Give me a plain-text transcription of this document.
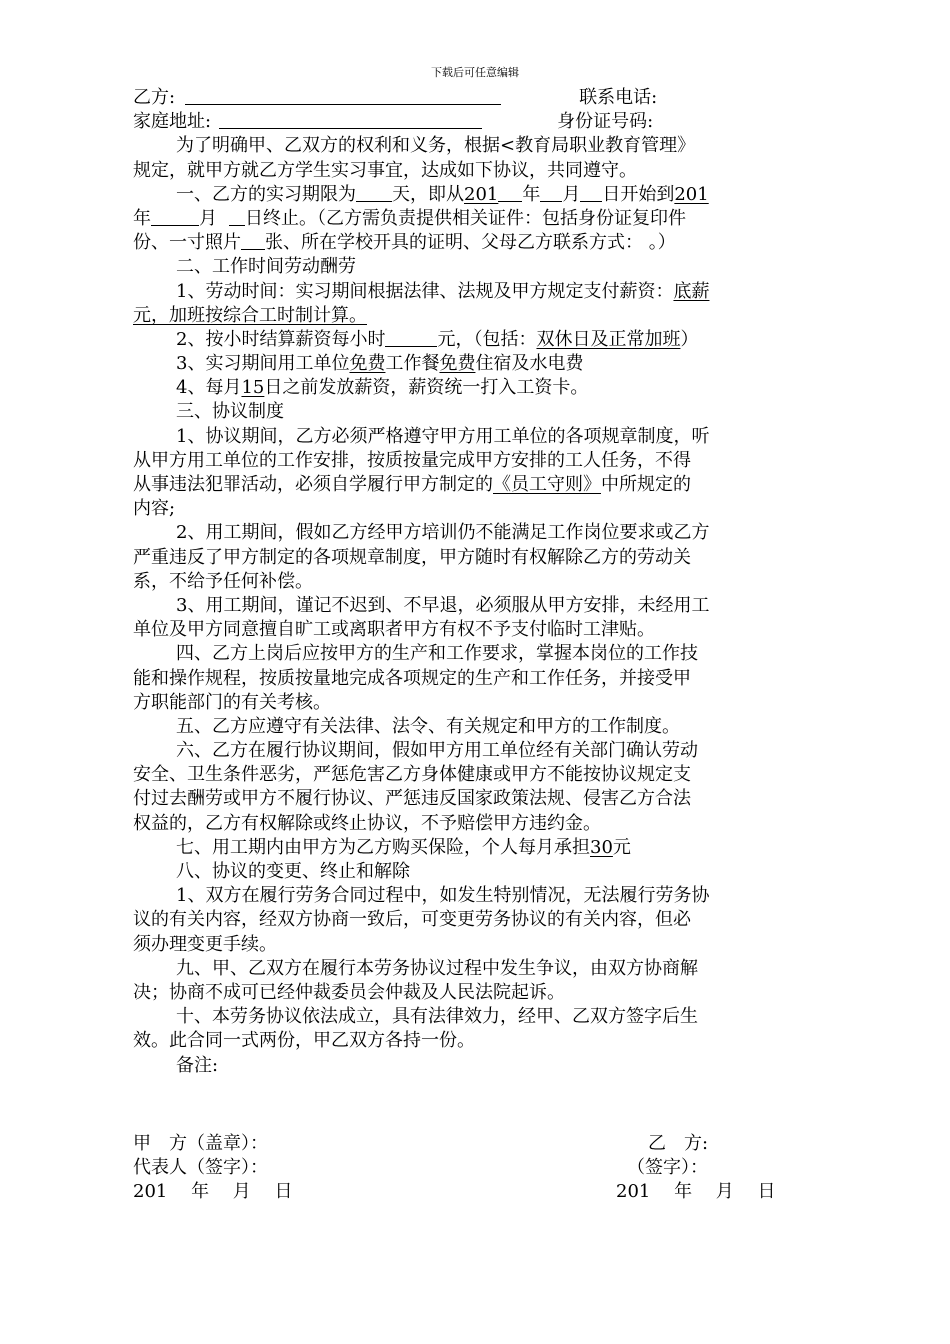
下载后可任意编辑
乙方:	联系电话:
家庭地址:	身份证号码:
为了明确甲、乙双方的权利和义务，根据<教育局职业教育管理》
规定，就甲方就乙方学生实习事宜，达成如下协议，共同遵守。
一、乙方的实习期限为 天，即从201 年 月 日开始到201
年	月 日终止。（乙方需负责提供相关证件：包括身份证复印件
份、一寸照片 张、所在学校开具的证明、父母乙方联系方式： 。）
二、工作时间劳动酬劳
1、劳动时间：实习期间根据法律、法规及甲方规定支付薪资：底薪
元，加班按综合工时制计算。
2、按小时结算薪资每小时	元，（包括：双休日及正常加班）
3、实习期间用工单位免费工作餐免费住宿及水电费
4、每月15日之前发放薪资，薪资统一打入工资卡。
三、协议制度
1、协议期间，乙方必须严格遵守甲方用工单位的各项规章制度，听
从甲方用工单位的工作安排，按质按量完成甲方安排的工人任务，不得
从事违法犯罪活动，必须自学履行甲方制定的《员工守则》中所规定的
内容;
2、用工期间，假如乙方经甲方培训仍不能满足工作岗位要求或乙方
严重违反了甲方制定的各项规章制度，甲方随时有权解除乙方的劳动关
系，不给予任何补偿。
3、用工期间，谨记不迟到、不早退，必须服从甲方安排，未经用工
单位及甲方同意擅自旷工或离职者甲方有权不予支付临时工津贴。
四、乙方上岗后应按甲方的生产和工作要求，掌握本岗位的工作技
能和操作规程，按质按量地完成各项规定的生产和工作任务，并接受甲
方职能部门的有关考核。
五、乙方应遵守有关法律、法令、有关规定和甲方的工作制度。
六、乙方在履行协议期间，假如甲方用工单位经有关部门确认劳动
安全、卫生条件恶劣，严惩危害乙方身体健康或甲方不能按协议规定支
付过去酬劳或甲方不履行协议、严惩违反国家政策法规、侵害乙方合法
权益的，乙方有权解除或终止协议，不予赔偿甲方违约金。
七、用工期内由甲方为乙方购买保险，个人每月承担30元
八、协议的变更、终止和解除
1、双方在履行劳务合同过程中，如发生特别情况，无法履行劳务协
议的有关内容，经双方协商一致后，可变更劳务协议的有关内容，但必
须办理变更手续。
九、甲、乙双方在履行本劳务协议过程中发生争议，由双方协商解
决；协商不成可已经仲裁委员会仲裁及人民法院起诉。
十、本劳务协议依法成立，具有法律效力，经甲、乙双方签字后生
效。此合同一式两份，甲乙双方各持一份。
备注:
甲　方（盖章）：	乙　方:
代表人（签字）：	（签字）：
201　 年　 月　 日	201　 年　 月　 日
